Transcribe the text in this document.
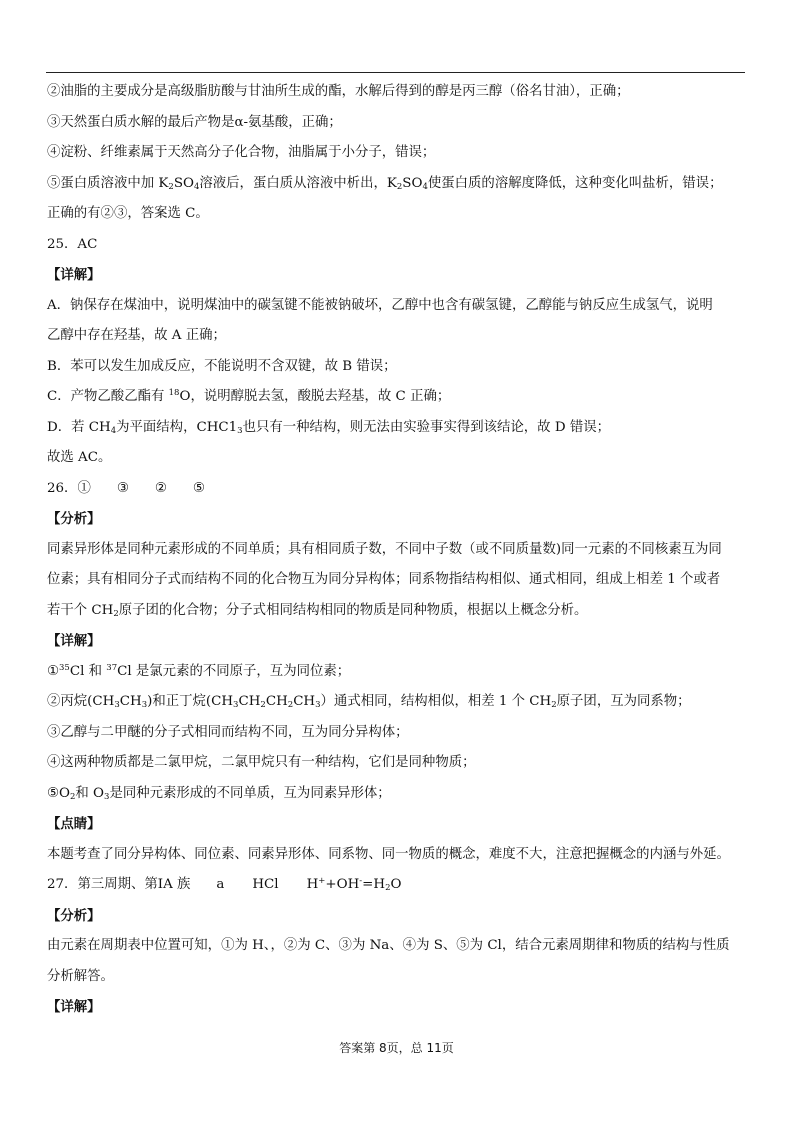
②油脂的主要成分是高级脂肪酸与甘油所生成的酯，水解后得到的醇是丙三醇（俗名甘油），正确；
③天然蛋白质水解的最后产物是α-氨基酸，正确；
④淀粉、纤维素属于天然高分子化合物，油脂属于小分子，错误；
⑤蛋白质溶液中加 $K_2SO_4$溶液后，蛋白质从溶液中析出，$K_2SO_4$使蛋白质的溶解度降低，这种变化叫盐析，错误；
正确的有②③，答案选 C。
25．AC
【详解】
A．钠保存在煤油中，说明煤油中的碳氢键不能被钠破坏，乙醇中也含有碳氢键，乙醇能与钠反应生成氢气，说明
乙醇中存在羟基，故 A 正确；
B．苯可以发生加成反应，不能说明不含双键，故 B 错误；
C．产物乙酸乙酯有 $^{18}$O，说明醇脱去氢，酸脱去羟基，故 C 正确；
D．若 $CH_4$为平面结构，$CHC1_3$也只有一种结构，则无法由实验事实得到该结论，故 D 错误；
故选 AC。
26．① ③ ② ⑤
【分析】
同素异形体是同种元素形成的不同单质；具有相同质子数，不同中子数（或不同质量数)同一元素的不同核素互为同
位素；具有相同分子式而结构不同的化合物互为同分异构体；同系物指结构相似、通式相同，组成上相差 1 个或者
若干个 $CH_2$原子团的化合物；分子式相同结构相同的物质是同种物质，根据以上概念分析。
【详解】
①$^{35}$Cl 和 $^{37}$Cl 是氯元素的不同原子，互为同位素；
②丙烷$(CH_3CH_3)$和正丁烷$(CH_3CH_2CH_2CH_3)$通式相同，结构相似，相差 1 个 $CH_2$原子团，互为同系物；
③乙醇与二甲醚的分子式相同而结构不同，互为同分异构体；
④这两种物质都是二氯甲烷，二氯甲烷只有一种结构，它们是同种物质；
$⑤O_2$和 $O_3$是同种元素形成的不同单质，互为同素异形体；
【点睛】
本题考查了同分异构体、同位素、同素异形体、同系物、同一物质的概念，难度不大，注意把握概念的内涵与外延。
27．第三周期、第ⅠA 族 a HCl $H^++OH^-=H_2O$
【分析】
由元素在周期表中位置可知，①为 H、，②为 C、③为 Na、④为 S、⑤为 Cl，结合元素周期律和物质的结构与性质
分析解答。
【详解】
答案第 8页，总 11页
